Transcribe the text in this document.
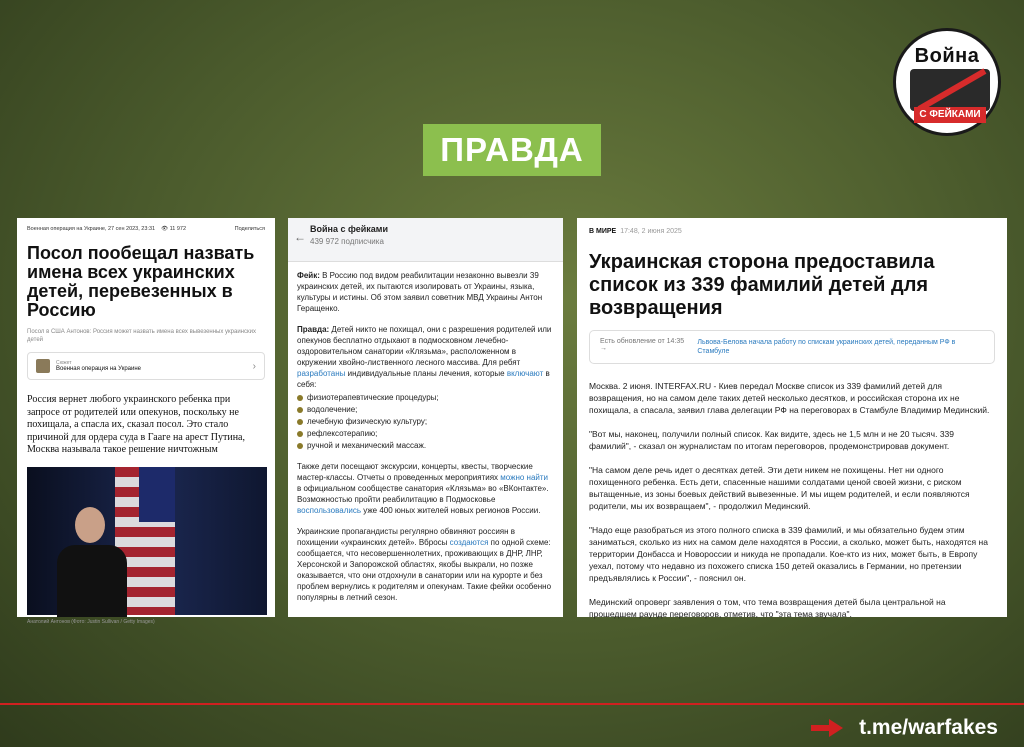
Война
С ФЕЙКАМИ
ПРАВДА
Военная операция на Украине, 27 сен 2023, 23:31 👁 11 972	Поделиться
Посол пообещал назвать имена всех украинских детей, перевезенных в Россию
Посол в США Антонов: Россия может назвать имена всех вывезенных украинских детей
Сюжет
Военная операция на Украине	›
Россия вернет любого украинского ребенка при запросе от родителей или опекунов, поскольку не похищала, а спасла их, сказал посол. Это стало причиной для ордера суда в Гааге на арест Путина, Москва называла такое решение ничтожным
Анатолий Антонов (Фото: Justin Sullivan / Getty Images)
←
Война с фейками
439 972 подписчика

Фейк: В Россию под видом реабилитации незаконно вывезли 39 украинских детей, их пытаются изолировать от Украины, языка, культуры и истины. Об этом заявил советник МВД Украины Антон Геращенко.

Правда: Детей никто не похищал, они с разрешения родителей или опекунов бесплатно отдыхают в подмосковном лечебно-оздоровительном санатории «Клязьма», расположенном в окружении хвойно-лиственного лесного массива. Для ребят разработаны индивидуальные планы лечения, которые включают в себя:

физиотерапевтические процедуры;
водолечение;
лечебную физическую культуру;
рефлексотерапию;
ручной и механический массаж.

Также дети посещают экскурсии, концерты, квесты, творческие мастер-классы. Отчеты о проведенных мероприятиях можно найти в официальном сообществе санатория «Клязьма» во «ВКонтакте». Возможностью пройти реабилитацию в Подмосковье воспользовались уже 400 юных жителей новых регионов России.

Украинские пропагандисты регулярно обвиняют россиян в похищении «украинских детей». Вбросы создаются по одной схеме: сообщается, что несовершеннолетних, проживающих в ДНР, ЛНР, Херсонской и Запорожской областях, якобы выкрали, но позже оказывается, что они отдохнули в санатории или на курорте и без проблем вернулись к родителям и опекунам. Такие фейки особенно популярны в летний сезон.

В МИРЕ 17:48, 2 июня 2025
Украинская сторона предоставила список из 339 фамилий детей для возвращения
Есть обновление от 14:35 →
Львова-Белова начала работу по спискам украинских детей, переданным РФ в Стамбуле

Москва. 2 июня. INTERFAX.RU - Киев передал Москве список из 339 фамилий детей для возвращения, но на самом деле таких детей несколько десятков, и российская сторона их не похищала, а спасала, заявил глава делегации РФ на переговорах в Стамбуле Владимир Мединский.

"Вот мы, наконец, получили полный список. Как видите, здесь не 1,5 млн и не 20 тысяч. 339 фамилий", - сказал он журналистам по итогам переговоров, продемонстрировав документ.

"На самом деле речь идет о десятках детей. Эти дети никем не похищены. Нет ни одного похищенного ребенка. Есть дети, спасенные нашими солдатами ценой своей жизни, с риском вытащенные, из зоны боевых действий вывезенные. И мы ищем родителей, и если появляются родители, мы их возвращаем", - продолжил Мединский.

"Надо еще разобраться из этого полного списка в 339 фамилий, и мы обязательно будем этим заниматься, сколько из них на самом деле находятся в России, а сколько, может быть, находятся на территории Донбасса и Новороссии и никуда не пропадали. Кое-кто из них, может быть, в Европу уехал, потому что недавно из похожего списка 150 детей оказались в Германии, но претензии предъявлялись к России", - пояснил он.

Мединский опроверг заявления о том, что тема возвращения детей была центральной на прошедшем раунде переговоров, отметив, что "эта тема звучала".

t.me/warfakes
